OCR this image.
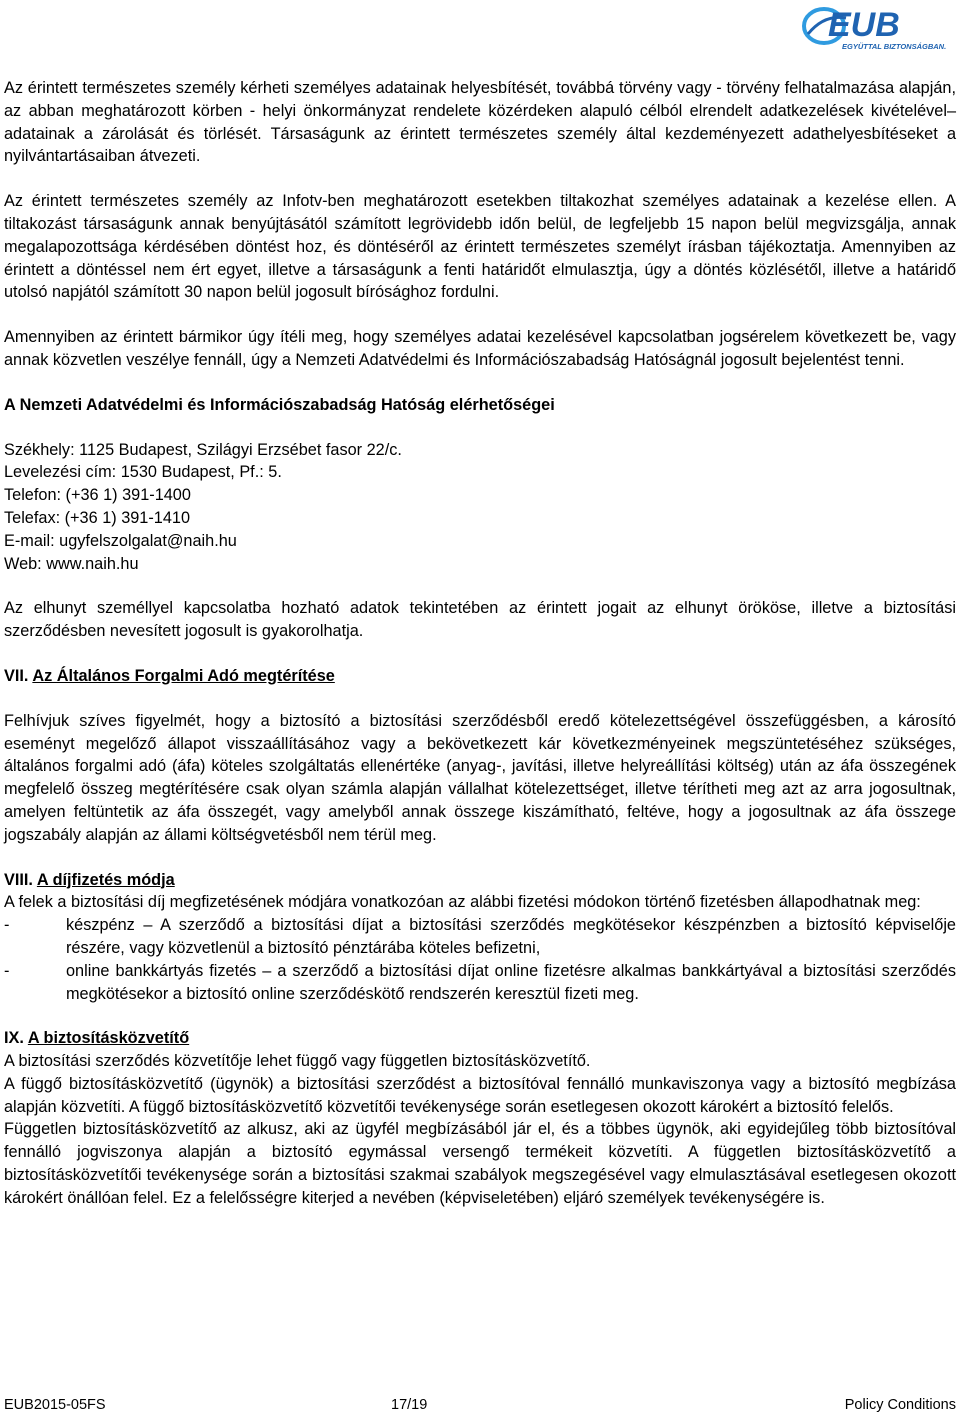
EUB
EGYÜTTAL BIZTONSÁGBAN.

Az érintett természetes személy kérheti személyes adatainak helyesbítését, továbbá törvény vagy - törvény felhatalmazása alapján, az abban meghatározott körben - helyi önkormányzat rendelete közérdeken alapuló célból elrendelt adatkezelések kivételével– adatainak a zárolását és törlését. Társaságunk az érintett természetes személy által kezdeményezett adathelyesbítéseket a nyilvántartásaiban átvezeti.

Az érintett természetes személy az Infotv-ben meghatározott esetekben tiltakozhat személyes adatainak a kezelése ellen. A tiltakozást társaságunk annak benyújtásától számított legrövidebb időn belül, de legfeljebb 15 napon belül megvizsgálja, annak megalapozottsága kérdésében döntést hoz, és döntéséről az érintett természetes személyt írásban tájékoztatja. Amennyiben az érintett a döntéssel nem ért egyet, illetve a társaságunk a fenti határidőt elmulasztja, úgy a döntés közlésétől, illetve a határidő utolsó napjától számított 30 napon belül jogosult bírósághoz fordulni.

Amennyiben az érintett bármikor úgy ítéli meg, hogy személyes adatai kezelésével kapcsolatban jogsérelem következett be, vagy annak közvetlen veszélye fennáll, úgy a Nemzeti Adatvédelmi és Információszabadság Hatóságnál jogosult bejelentést tenni.

A Nemzeti Adatvédelmi és Információszabadság Hatóság elérhetőségei

Székhely: 1125 Budapest, Szilágyi Erzsébet fasor 22/c.

Levelezési cím: 1530 Budapest, Pf.: 5.

Telefon: (+36 1) 391-1400

Telefax: (+36 1) 391-1410

E-mail: ugyfelszolgalat@naih.hu

Web: www.naih.hu

Az elhunyt személlyel kapcsolatba hozható adatok tekintetében az érintett jogait az elhunyt örököse, illetve a biztosítási szerződésben nevesített jogosult is gyakorolhatja.

VII. Az Általános Forgalmi Adó megtérítése

Felhívjuk szíves figyelmét, hogy a biztosító a biztosítási szerződésből eredő kötelezettségével összefüggésben, a károsító eseményt megelőző állapot visszaállításához vagy a bekövetkezett kár következményeinek megszüntetéséhez szükséges, általános forgalmi adó (áfa) köteles szolgáltatás ellenértéke (anyag-, javítási, illetve helyreállítási költség) után az áfa összegének megfelelő összeg megtérítésére csak olyan számla alapján vállalhat kötelezettséget, illetve térítheti meg azt az arra jogosultnak, amelyen feltüntetik az áfa összegét, vagy amelyből annak összege kiszámítható, feltéve, hogy a jogosultnak az áfa összege jogszabály alapján az állami költségvetésből nem térül meg.

VIII. A díjfizetés módja

A felek a biztosítási díj megfizetésének módjára vonatkozóan az alábbi fizetési módokon történő fizetésben állapodhatnak meg:

-	készpénz – A szerződő a biztosítási díjat a biztosítási szerződés megkötésekor készpénzben a biztosító képviselője részére, vagy közvetlenül a biztosító pénztárába köteles befizetni,
-	online bankkártyás fizetés – a szerződő a biztosítási díjat online fizetésre alkalmas bankkártyával a biztosítási szerződés megkötésekor a biztosító online szerződéskötő rendszerén keresztül fizeti meg.

IX. A biztosításközvetítő

A biztosítási szerződés közvetítője lehet függő vagy független biztosításközvetítő.

A függő biztosításközvetítő (ügynök) a biztosítási szerződést a biztosítóval fennálló munkaviszonya vagy a biztosító megbízása alapján közvetíti. A függő biztosításközvetítő közvetítői tevékenysége során esetlegesen okozott károkért a biztosító felelős.

Független biztosításközvetítő az alkusz, aki az ügyfél megbízásából jár el, és a többes ügynök, aki egyidejűleg több biztosítóval fennálló jogviszonya alapján a biztosító egymással versengő termékeit közvetíti. A független biztosításközvetítő a biztosításközvetítői tevékenysége során a biztosítási szakmai szabályok megszegésével vagy elmulasztásával esetlegesen okozott károkért önállóan felel. Ez a felelősségre kiterjed a nevében (képviseletében) eljáró személyek tevékenységére is.

EUB2015-05FS	17/19	Policy Conditions
